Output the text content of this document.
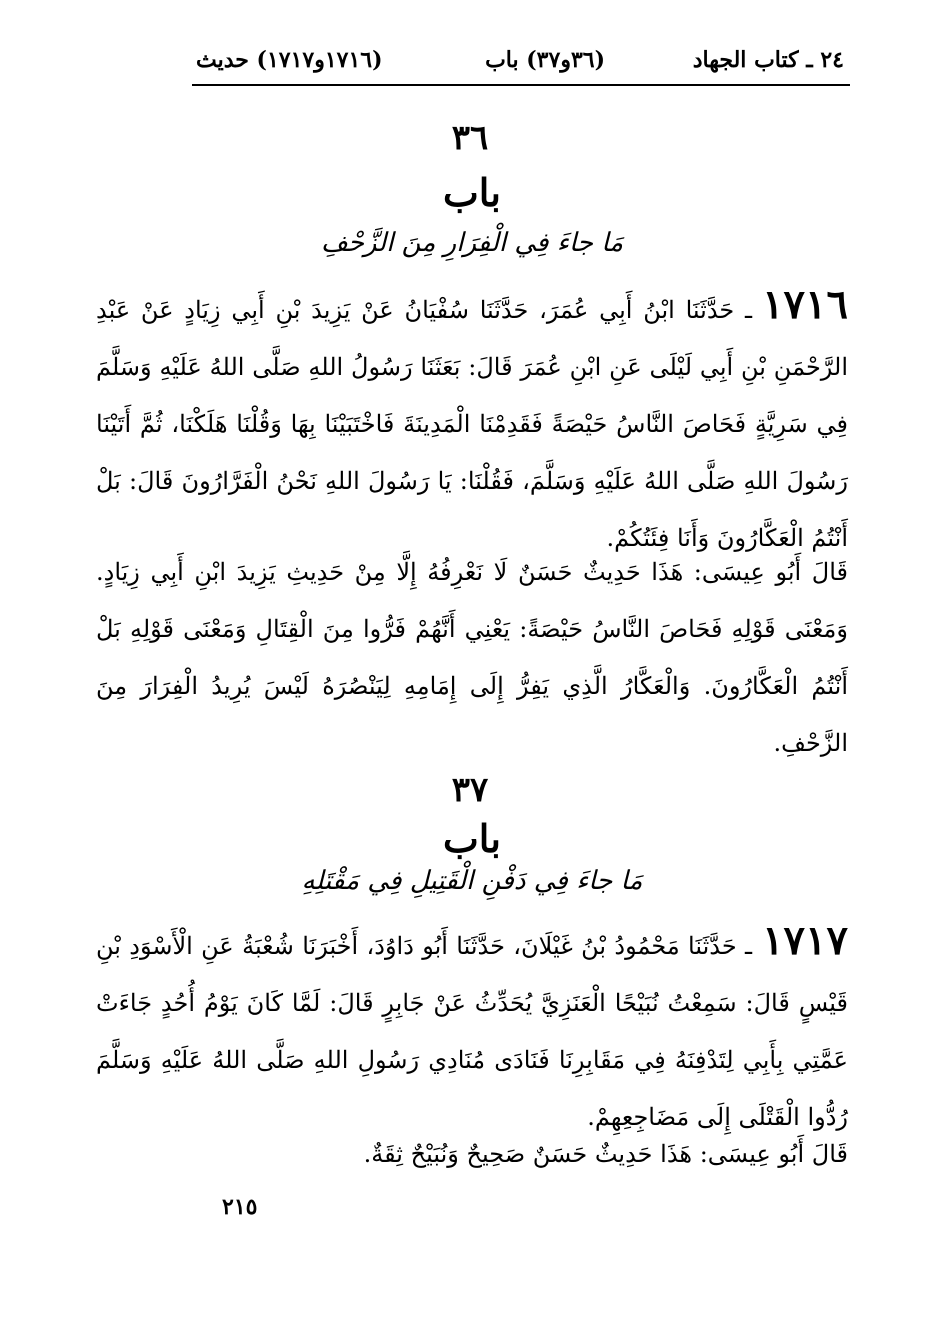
٢٤ ـ كتاب الجهاد
(٣٦و٣٧) باب
(١٧١٦و١٧١٧) حديث
٣٦
باب
مَا جاءَ فِي الْفِرَارِ مِنَ الزَّحْفِ
١٧١٦ـ حَدَّثَنَا ابْنُ أَبِي عُمَرَ، حَدَّثَنَا سُفْيَانُ عَنْ يَزِيدَ بْنِ أَبِي زِيَادٍ عَنْ عَبْدِ الرَّحْمَنِ بْنِ أَبِي لَيْلَى عَنِ ابْنِ عُمَرَ قَالَ: بَعَثَنَا رَسُولُ اللهِ صَلَّى اللهُ عَلَيْهِ وَسَلَّمَ فِي سَرِيَّةٍ فَحَاصَ النَّاسُ حَيْصَةً فَقَدِمْنَا الْمَدِينَةَ فَاخْتَبَيْنَا بِهَا وَقُلْنَا هَلَكْنَا، ثُمَّ أَتَيْنَا رَسُولَ اللهِ صَلَّى اللهُ عَلَيْهِ وَسَلَّمَ، فَقُلْنَا: يَا رَسُولَ اللهِ نَحْنُ الْفَرَّارُونَ قَالَ: بَلْ أَنْتُمُ الْعَكَّارُونَ وَأَنَا فِئَتُكُمْ.
قَالَ أَبُو عِيسَى: هَذَا حَدِيثٌ حَسَنٌ لَا نَعْرِفُهُ إِلَّا مِنْ حَدِيثِ يَزِيدَ ابْنِ أَبِي زِيَادٍ. وَمَعْنَى قَوْلِهِ فَحَاصَ النَّاسُ حَيْصَةً: يَعْنِي أَنَّهُمْ فَرُّوا مِنَ الْقِتَالِ وَمَعْنَى قَوْلِهِ بَلْ أَنْتُمُ الْعَكَّارُونَ. وَالْعَكَّارُ الَّذِي يَفِرُّ إِلَى إِمَامِهِ لِيَنْصُرَهُ لَيْسَ يُرِيدُ الْفِرَارَ مِنَ الزَّحْفِ.
٣٧
باب
مَا جاءَ فِي دَفْنِ الْقَتِيلِ فِي مَقْتَلِهِ
١٧١٧ـ حَدَّثَنَا مَحْمُودُ بْنُ غَيْلَانَ، حَدَّثَنَا أَبُو دَاوُدَ، أَخْبَرَنَا شُعْبَةُ عَنِ الْأَسْوَدِ بْنِ قَيْسٍ قَالَ: سَمِعْتُ نُبَيْحًا الْعَنَزِيَّ يُحَدِّثُ عَنْ جَابِرٍ قَالَ: لَمَّا كَانَ يَوْمُ أُحُدٍ جَاءَتْ عَمَّتِي بِأَبِي لِتَدْفِنَهُ فِي مَقَابِرِنَا فَنَادَى مُنَادِي رَسُولِ اللهِ صَلَّى اللهُ عَلَيْهِ وَسَلَّمَ رُدُّوا الْقَتْلَى إِلَى مَضَاجِعِهِمْ.
قَالَ أَبُو عِيسَى: هَذَا حَدِيثٌ حَسَنٌ صَحِيحٌ وَنُبَيْحٌ ثِقَةٌ.
٢١٥
